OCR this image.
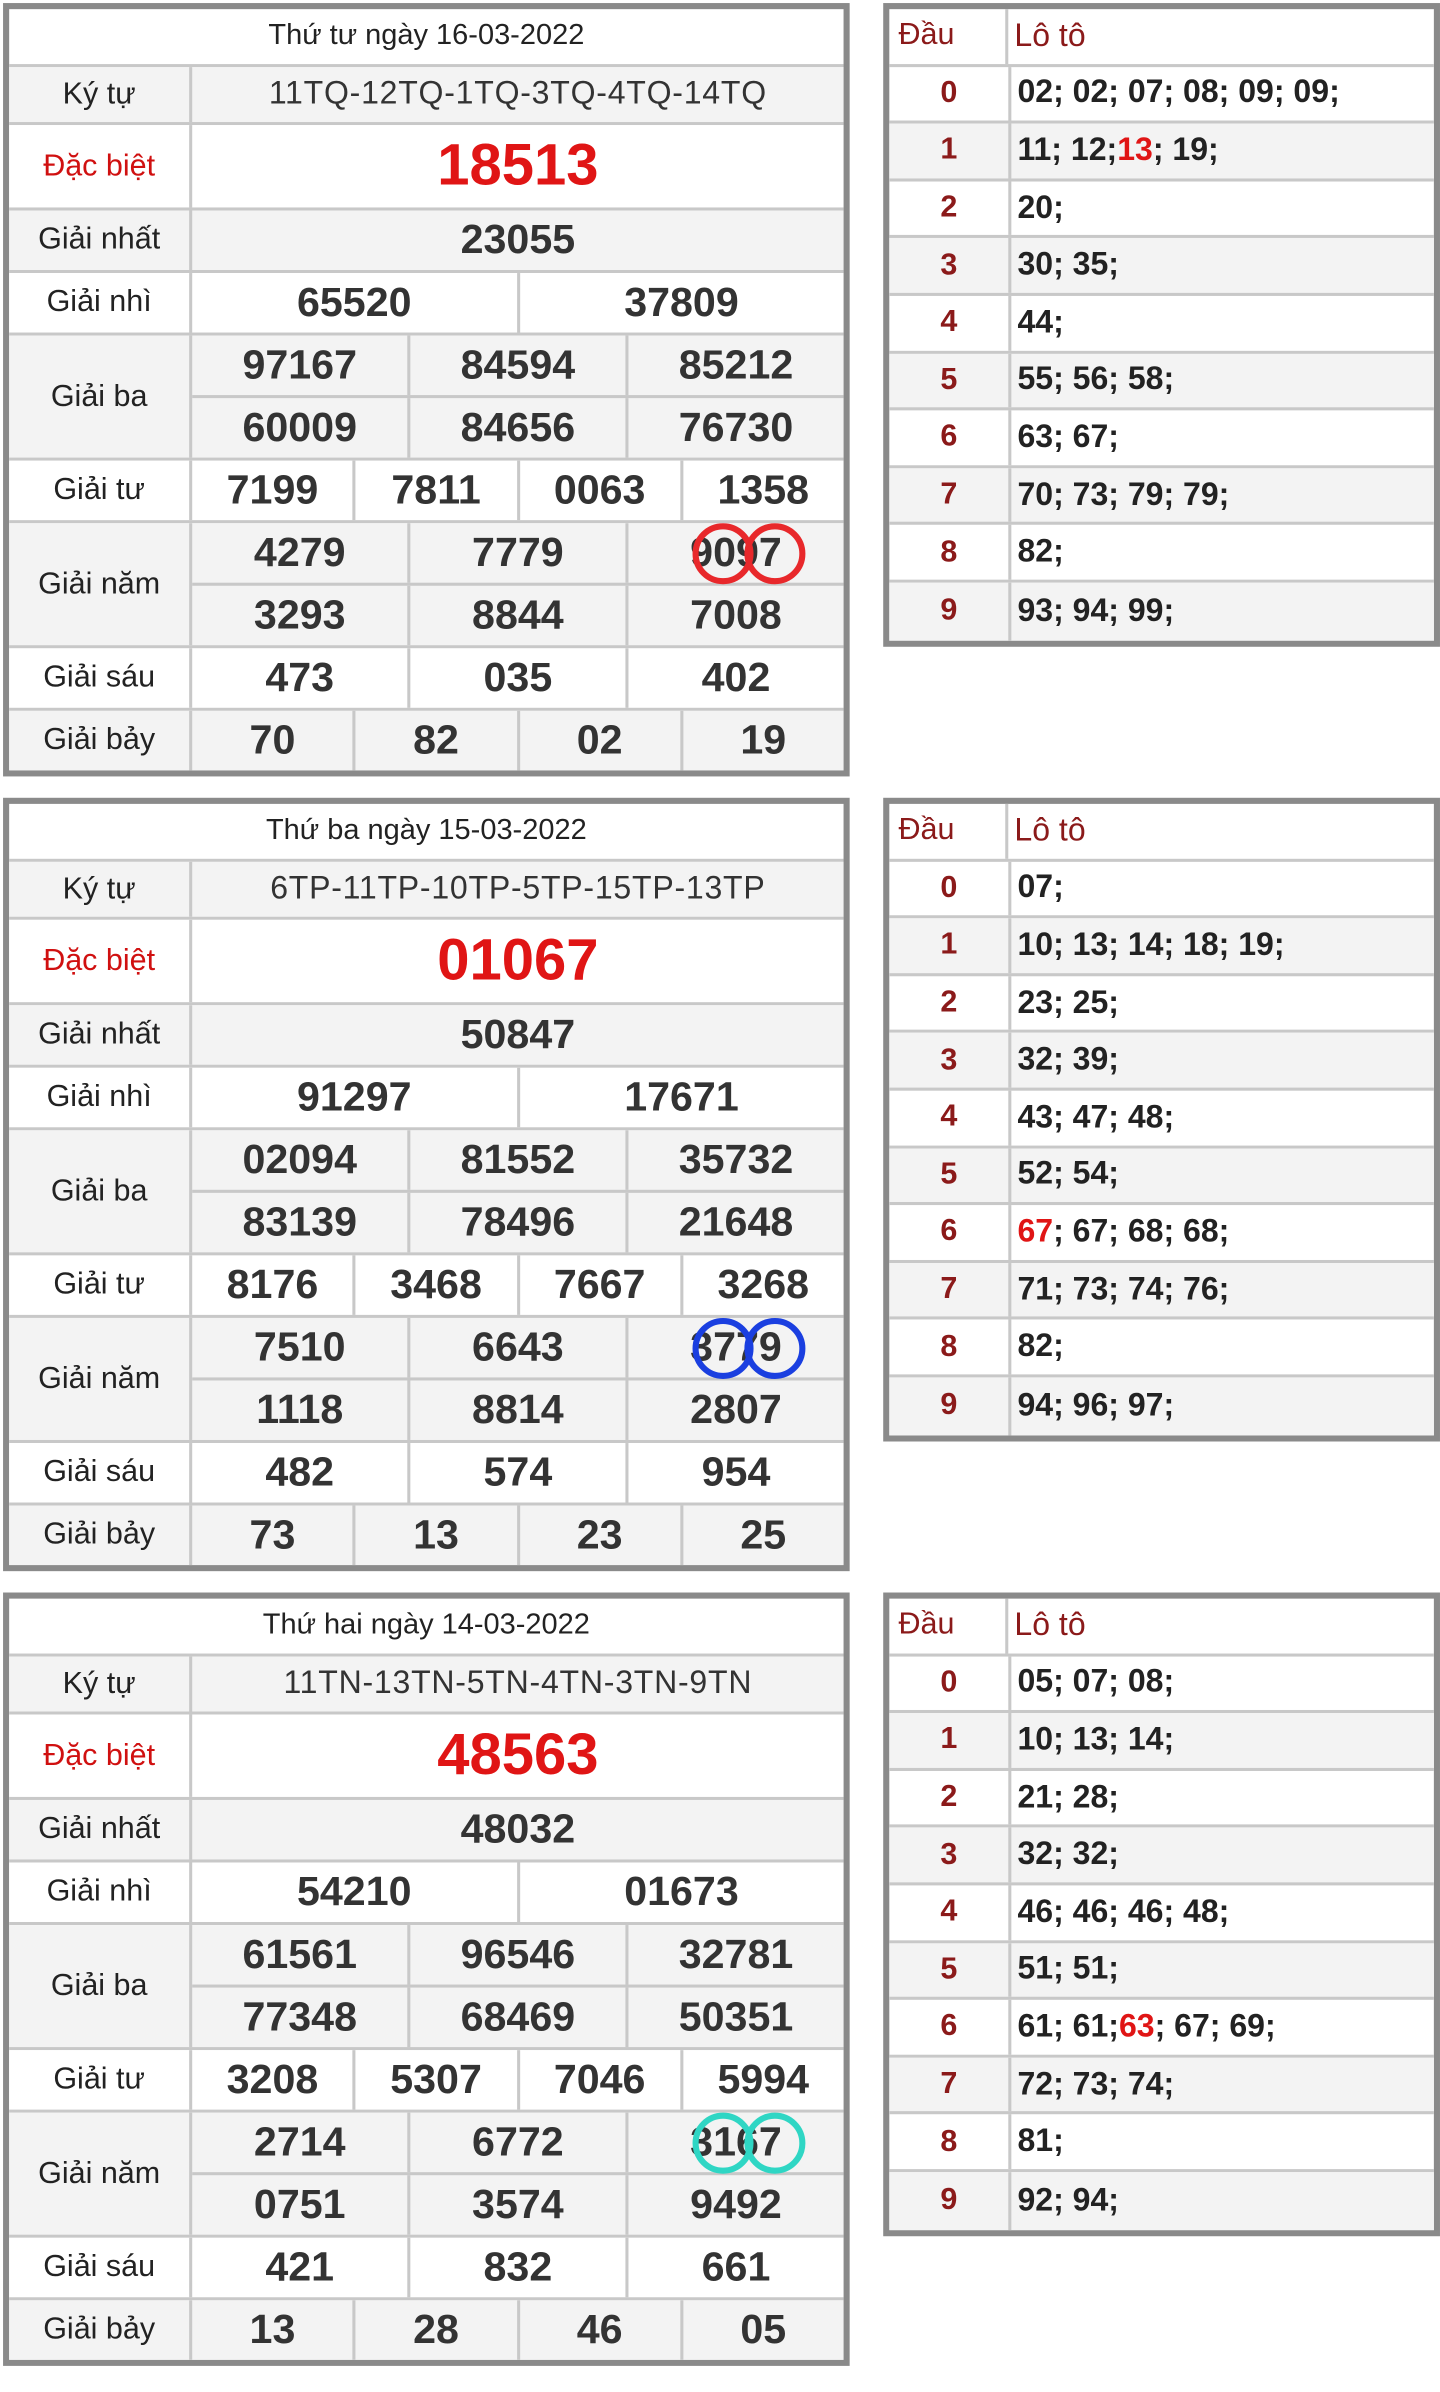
Thứ tư ngày 16-03-2022
Ký tự	11TQ-12TQ-1TQ-3TQ-4TQ-14TQ
Đặc biệt	18513
Giải nhất	23055
Giải nhì	65520	37809
Giải ba
97167	84594	85212
60009	84656	76730
Giải tư	7199	7811	0063	1358
Giải năm
4279	7779	9097
3293	8844	7008
Giải sáu	473	035	402
Giải bảy	70	82	02	19
Đầu	Lô tô
0	02; 02; 07; 08; 09; 09;
1	11; 12; 13 ; 19;
2	20;
3	30; 35;
4	44;
5	55; 56; 58;
6	63; 67;
7	70; 73; 79; 79;
8	82;
9	93; 94; 99;
Thứ ba ngày 15-03-2022
Ký tự	6TP-11TP-10TP-5TP-15TP-13TP
Đặc biệt	01067
Giải nhất	50847
Giải nhì	91297	17671
Giải ba
02094	81552	35732
83139	78496	21648
Giải tư	8176	3468	7667	3268
Giải năm
7510	6643	3779
1118	8814	2807
Giải sáu	482	574	954
Giải bảy	73	13	23	25
Đầu	Lô tô
0	07;
1	10; 13; 14; 18; 19;
2	23; 25;
3	32; 39;
4	43; 47; 48;
5	52; 54;
6	67 ; 67; 68; 68;
7	71; 73; 74; 76;
8	82;
9	94; 96; 97;
Thứ hai ngày 14-03-2022
Ký tự	11TN-13TN-5TN-4TN-3TN-9TN
Đặc biệt	48563
Giải nhất	48032
Giải nhì	54210	01673
Giải ba
61561	96546	32781
77348	68469	50351
Giải tư	3208	5307	7046	5994
Giải năm
2714	6772	3167
0751	3574	9492
Giải sáu	421	832	661
Giải bảy	13	28	46	05
Đầu	Lô tô
0	05; 07; 08;
1	10; 13; 14;
2	21; 28;
3	32; 32;
4	46; 46; 46; 48;
5	51; 51;
6	61; 61; 63 ; 67; 69;
7	72; 73; 74;
8	81;
9	92; 94;
